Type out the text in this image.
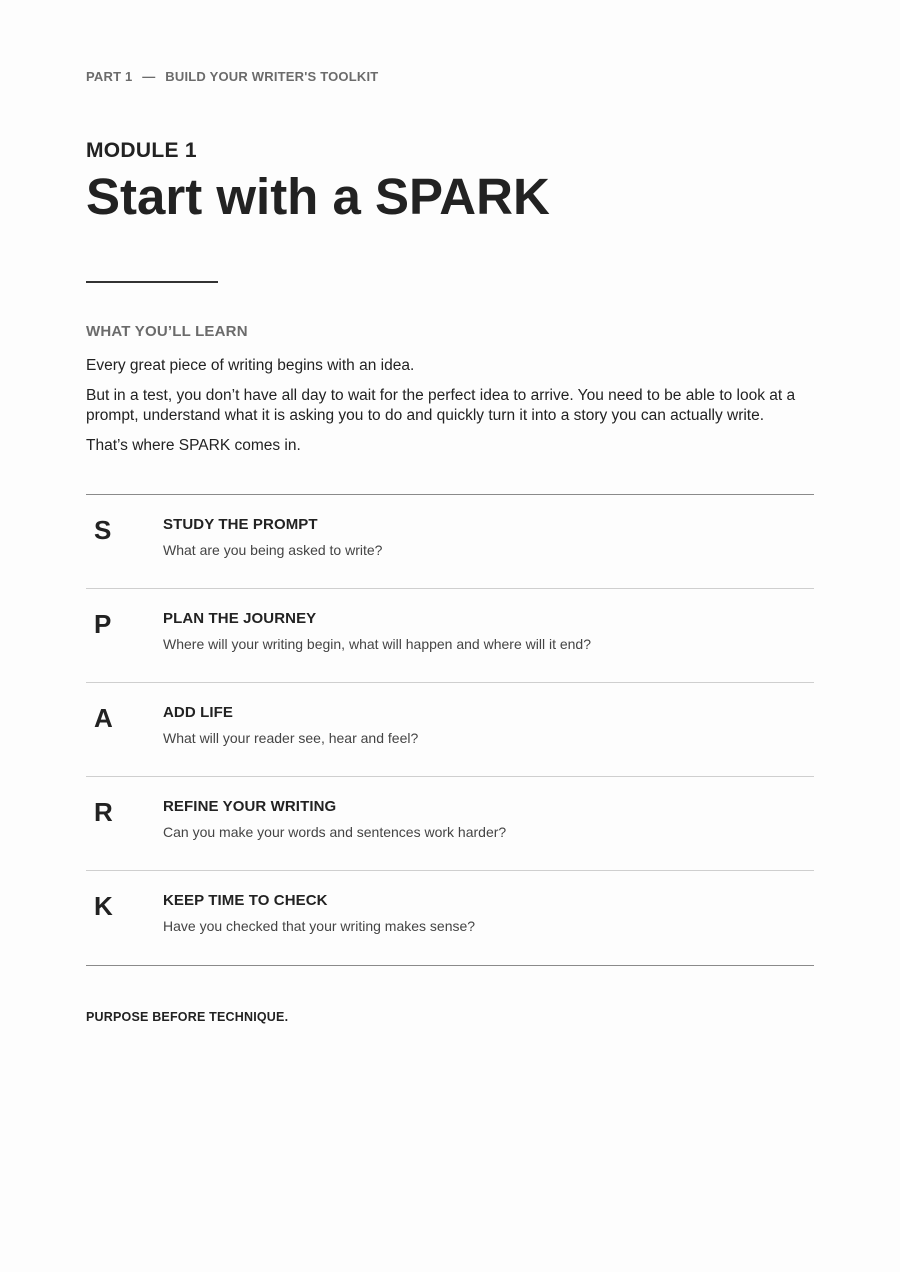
PART 1 — BUILD YOUR WRITER'S TOOLKIT
MODULE 1
Start with a SPARK
WHAT YOU’LL LEARN

Every great piece of writing begins with an idea.

But in a test, you don’t have all day to wait for the perfect idea to arrive. You need to be able to look at a prompt, understand what it is asking you to do and quickly turn it into a story you can actually write.

That’s where SPARK comes in.

S	STUDY THE PROMPT
What are you being asked to write?
P	PLAN THE JOURNEY
Where will your writing begin, what will happen and where will it end?
A	ADD LIFE
What will your reader see, hear and feel?
R	REFINE YOUR WRITING
Can you make your words and sentences work harder?
K	KEEP TIME TO CHECK
Have you checked that your writing makes sense?
PURPOSE BEFORE TECHNIQUE.
